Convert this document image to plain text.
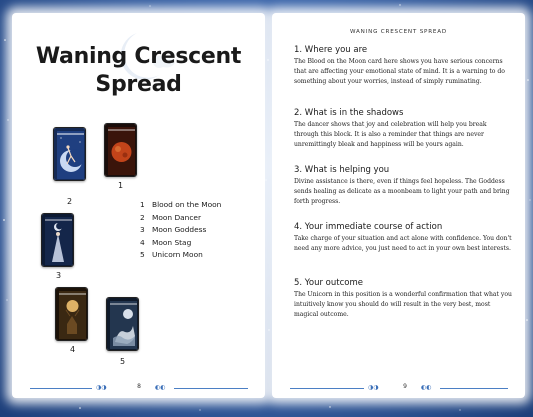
Waning Crescent
Spread
2
1
3
4
5
1 Blood on the Moon
2 Moon Dancer
3 Moon Goddess
4 Moon Stag
5 Unicorn Moon
◑◑	8	◐◐
WANING CRESCENT SPREAD
1. Where you are

The Blood on the Moon card here shows you have serious concerns that are affecting your emotional state of mind. It is a warning to do something about your worries, instead of simply ruminating.

2. What is in the shadows

The dancer shows that joy and celebration will help you break through this block. It is also a reminder that things are never unremittingly bleak and happiness will be yours again.

3. What is helping you

Divine assistance is there, even if things feel hopeless. The Goddess sends healing as delicate as a moonbeam to light your path and bring forth progress.

4. Your immediate course of action

Take charge of your situation and act alone with confidence. You don't need any more advice, you just need to act in your own best interests.

5. Your outcome

The Unicorn in this position is a wonderful confirmation that what you intuitively know you should do will result in the very best, most magical outcome.

◑◑	9	◐◐
